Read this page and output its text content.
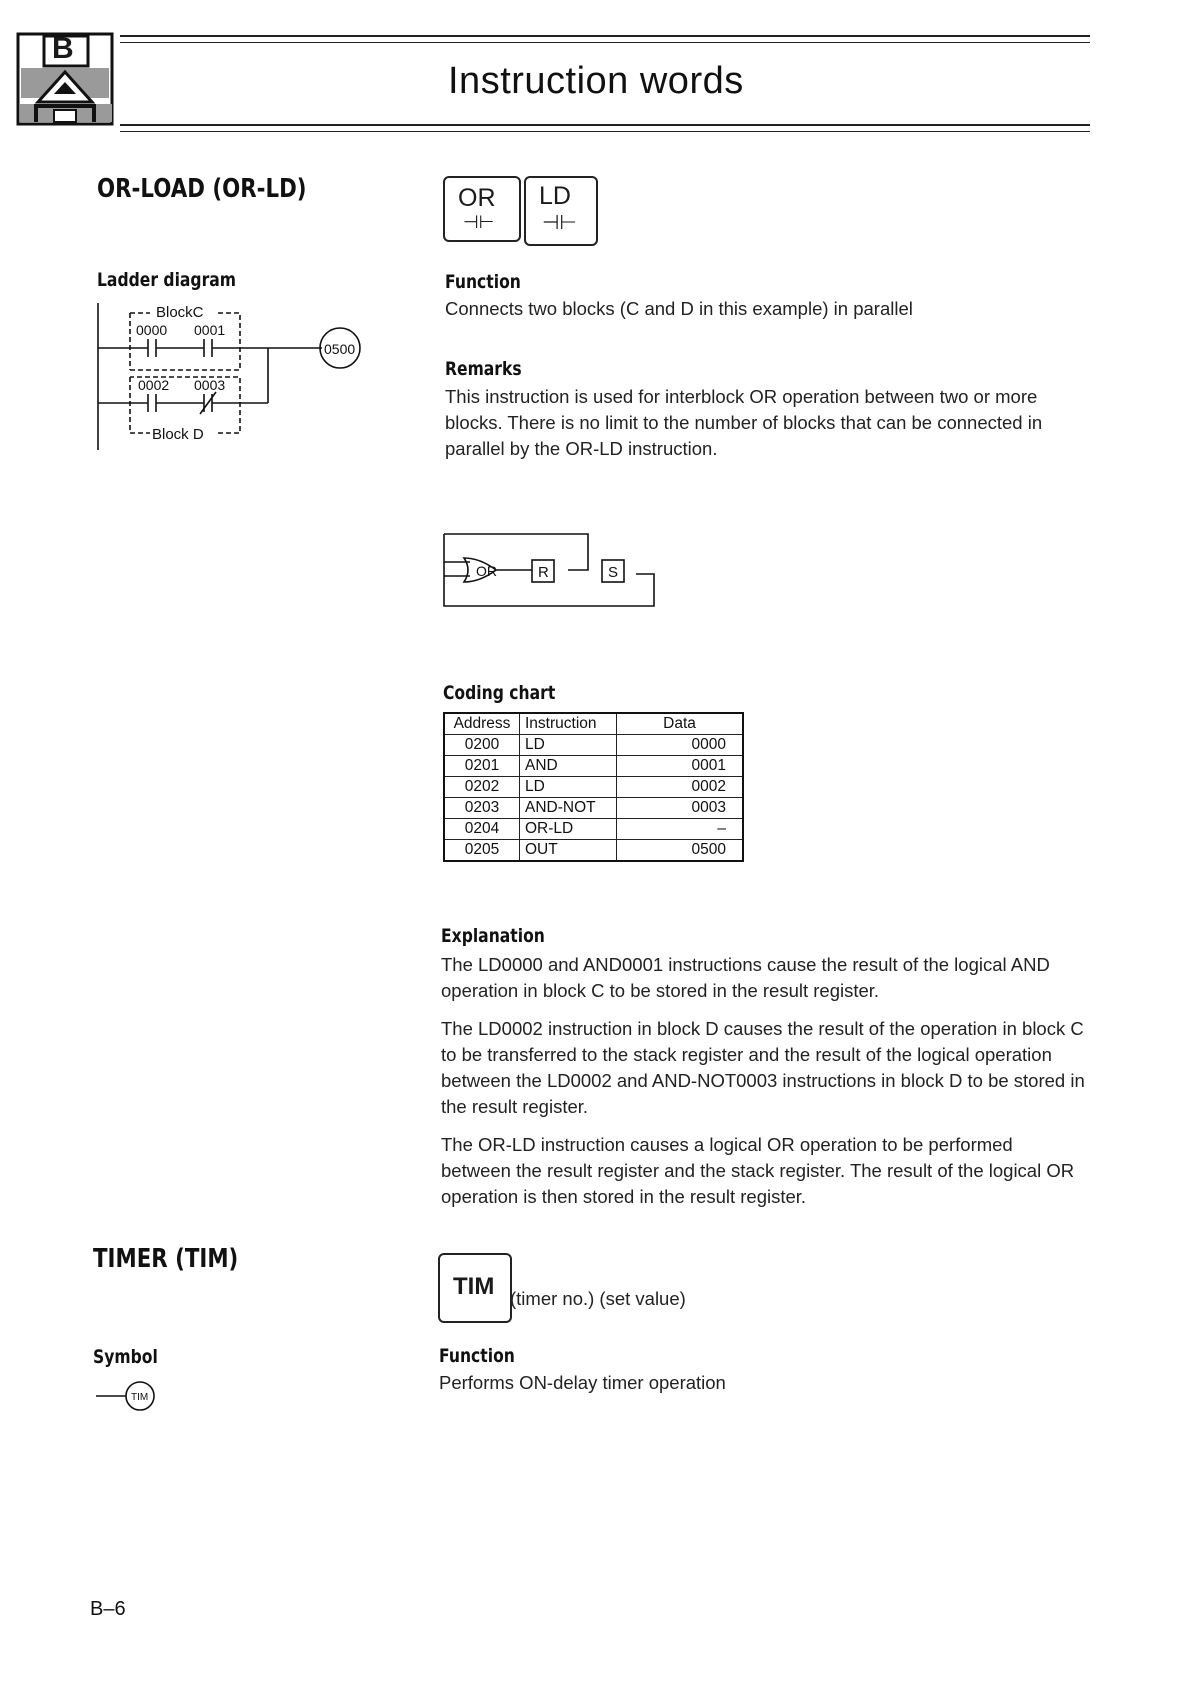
B
Instruction words
OR-LOAD (OR-LD)	OR
⊣⊢
LD
⊣⊢
Ladder diagram
BlockC
Block D
0000 0001
0002 0003
0500
Function
Connects two blocks (C and D in this example) in parallel
Remarks
This instruction is used for interblock OR operation between two or more blocks. There is no limit to the number of blocks that can be connected in parallel by the OR-LD instruction.
OR	R	S
Coding chart
Address	Instruction	Data
0200	LD	0000
0201	AND	0001
0202	LD	0002
0203	AND-NOT	0003
0204	OR-LD	–
0205	OUT	0500
Explanation

The LD0000 and AND0001 instructions cause the result of the logical AND operation in block C to be stored in the result register.

The LD0002 instruction in block D causes the result of the operation in block C to be transferred to the stack register and the result of the logical operation between the LD0002 and AND-NOT0003 instructions in block D to be stored in the result register.

The OR-LD instruction causes a logical OR operation to be performed between the result register and the stack register. The result of the logical OR operation is then stored in the result register.

TIMER (TIM)
TIM (timer no.) (set value)
Symbol
TIM
Function
Performs ON-delay timer operation
B–6
